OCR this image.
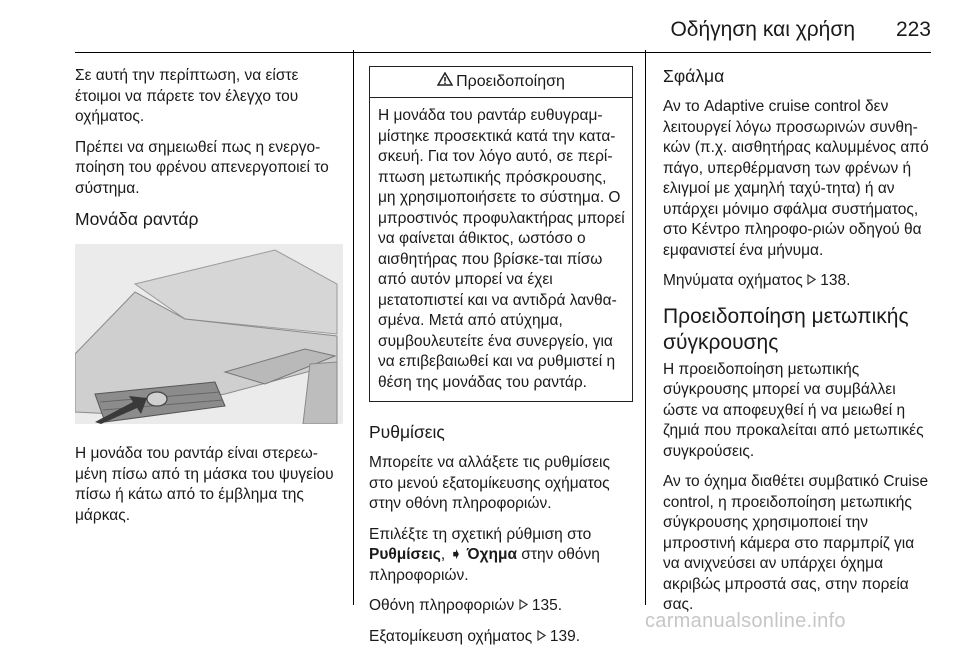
Οδήγηση και χρήση 223

Σε αυτή την περίπτωση, να είστε έτοιμοι να πάρετε τον έλεγχο του οχήματος.

Πρέπει να σημειωθεί πως η ενεργο-ποίηση του φρένου απενεργοποιεί το σύστημα.

Μονάδα ραντάρ

Η μονάδα του ραντάρ είναι στερεω-μένη πίσω από τη μάσκα του ψυγείου πίσω ή κάτω από το έμβλημα της μάρκας.

Προειδοποίηση
Η μονάδα του ραντάρ ευθυγραμ-μίστηκε προσεκτικά κατά την κατα-σκευή. Για τον λόγο αυτό, σε περί-πτωση μετωπικής πρόσκρουσης, μη χρησιμοποιήσετε το σύστημα. Ο μπροστινός προφυλακτήρας μπορεί να φαίνεται άθικτος, ωστόσο ο αισθητήρας που βρίσκε-ται πίσω από αυτόν μπορεί να έχει μετατοπιστεί και να αντιδρά λανθα-σμένα. Μετά από ατύχημα, συμβουλευτείτε ένα συνεργείο, για να επιβεβαιωθεί και να ρυθμιστεί η θέση της μονάδας του ραντάρ.
Ρυθμίσεις

Μπορείτε να αλλάξετε τις ρυθμίσεις στο μενού εξατομίκευσης οχήματος στην οθόνη πληροφοριών.

Επιλέξτε τη σχετική ρύθμιση στο Ρυθμίσεις, ➧ Όχημα στην οθόνη πληροφοριών.

Οθόνη πληροφοριών 135.

Εξατομίκευση οχήματος 139.

Σφάλμα

Αν το Adaptive cruise control δεν λειτουργεί λόγω προσωρινών συνθη-κών (π.χ. αισθητήρας καλυμμένος από πάγο, υπερθέρμανση των φρένων ή ελιγμοί με χαμηλή ταχύ-τητα) ή αν υπάρχει μόνιμο σφάλμα συστήματος, στο Κέντρο πληροφο-ριών οδηγού θα εμφανιστεί ένα μήνυμα.

Μηνύματα οχήματος 138.

Προειδοποίηση μετωπικής σύγκρουσης

Η προειδοποίηση μετωπικής σύγκρουσης μπορεί να συμβάλλει ώστε να αποφευχθεί ή να μειωθεί η ζημιά που προκαλείται από μετωπικές συγκρούσεις.

Αν το όχημα διαθέτει συμβατικό Cruise control, η προειδοποίηση μετωπικής σύγκρουσης χρησιμοποιεί την μπροστινή κάμερα στο παρμπρίζ για να ανιχνεύσει αν υπάρχει όχημα ακριβώς μπροστά σας, στην πορεία σας.

carmanualsonline.info
